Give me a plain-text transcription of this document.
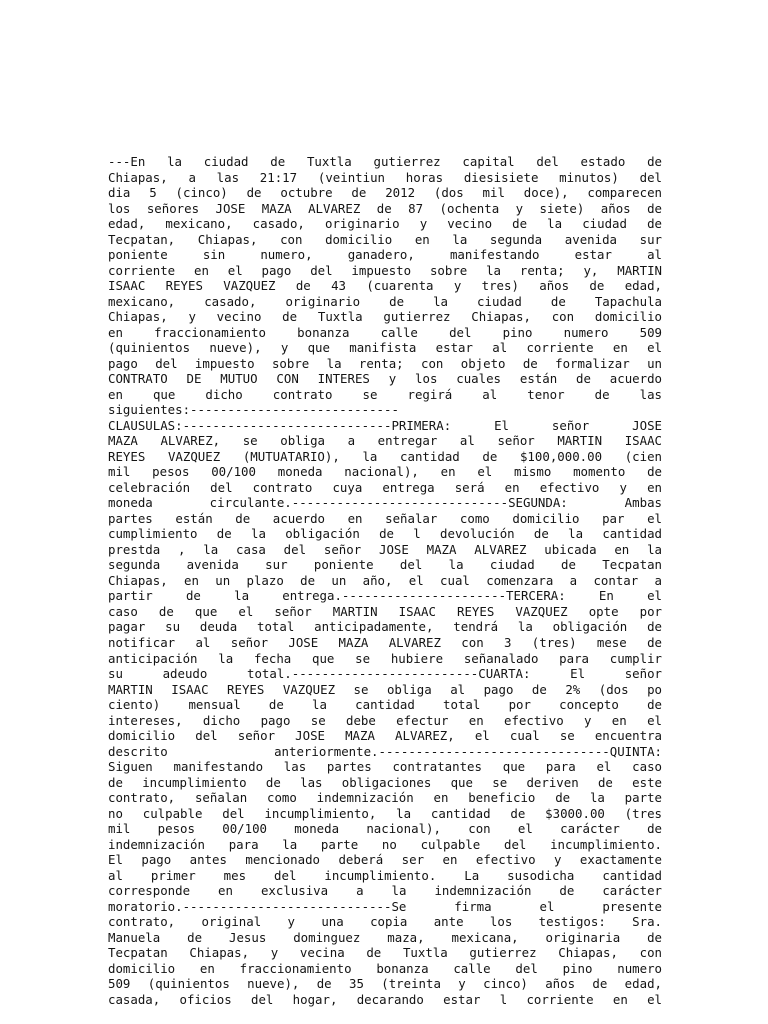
---En la ciudad de Tuxtla gutierrez capital del estado de
Chiapas, a las 21:17 (veintiun horas diesisiete minutos) del
dia 5 (cinco) de octubre de 2012 (dos mil doce), comparecen
los señores JOSE MAZA ALVAREZ de 87 (ochenta y siete) años de
edad, mexicano, casado, originario y vecino de la ciudad de
Tecpatan, Chiapas, con domicilio en la segunda avenida sur
poniente sin numero, ganadero, manifestando estar al
corriente en el pago del impuesto sobre la renta; y, MARTIN
ISAAC REYES VAZQUEZ de 43 (cuarenta y tres) años de edad,
mexicano, casado, originario de la ciudad de Tapachula
Chiapas, y vecino de Tuxtla gutierrez Chiapas, con domicilio
en fraccionamiento bonanza calle del pino numero 509
(quinientos nueve), y que manifista estar al corriente en el
pago del impuesto sobre la renta; con objeto de formalizar un
CONTRATO DE MUTUO CON INTERES y los cuales están de acuerdo
en que dicho contrato se regirá al tenor de las
siguientes:----------------------------
CLAUSULAS:----------------------------PRIMERA: El señor JOSE
MAZA ALVAREZ, se obliga a entregar al señor MARTIN ISAAC
REYES VAZQUEZ (MUTUATARIO), la cantidad de $100,000.00 (cien
mil pesos 00/100 moneda nacional), en el mismo momento de
celebración del contrato cuya entrega será en efectivo y en
moneda circulante.-----------------------------SEGUNDA: Ambas
partes están de acuerdo en señalar como domicilio par el
cumplimiento de la obligación de l devolución de la cantidad
prestda , la casa del señor JOSE MAZA ALVAREZ ubicada en la
segunda avenida sur poniente del la ciudad de Tecpatan
Chiapas, en un plazo de un año, el cual comenzara a contar a
partir de la entrega.----------------------TERCERA: En el
caso de que el señor MARTIN ISAAC REYES VAZQUEZ opte por
pagar su deuda total anticipadamente, tendrá la obligación de
notificar al señor JOSE MAZA ALVAREZ con 3 (tres) mese de
anticipación la fecha que se hubiere señanalado para cumplir
su adeudo total.-------------------------CUARTA: El señor
MARTIN ISAAC REYES VAZQUEZ se obliga al pago de 2% (dos po
ciento) mensual de la cantidad total por concepto de
intereses, dicho pago se debe efectur en efectivo y en el
domicilio del señor JOSE MAZA ALVAREZ, el cual se encuentra
descrito anteriormente.-------------------------------QUINTA:
Siguen manifestando las partes contratantes que para el caso
de incumplimiento de las obligaciones que se deriven de este
contrato, señalan como indemnización en beneficio de la parte
no culpable del incumplimiento, la cantidad de $3000.00 (tres
mil pesos 00/100 moneda nacional), con el carácter de
indemnización para la parte no culpable del incumplimiento.
El pago antes mencionado deberá ser en efectivo y exactamente
al primer mes del incumplimiento. La susodicha cantidad
corresponde en exclusiva a la indemnización de carácter
moratorio.----------------------------Se firma el presente
contrato, original y una copia ante los testigos: Sra.
Manuela de Jesus dominguez maza, mexicana, originaria de
Tecpatan Chiapas, y vecina de Tuxtla gutierrez Chiapas, con
domicilio en fraccionamiento bonanza calle del pino numero
509 (quinientos nueve), de 35 (treinta y cinco) años de edad,
casada, oficios del hogar, decarando estar l corriente en el
